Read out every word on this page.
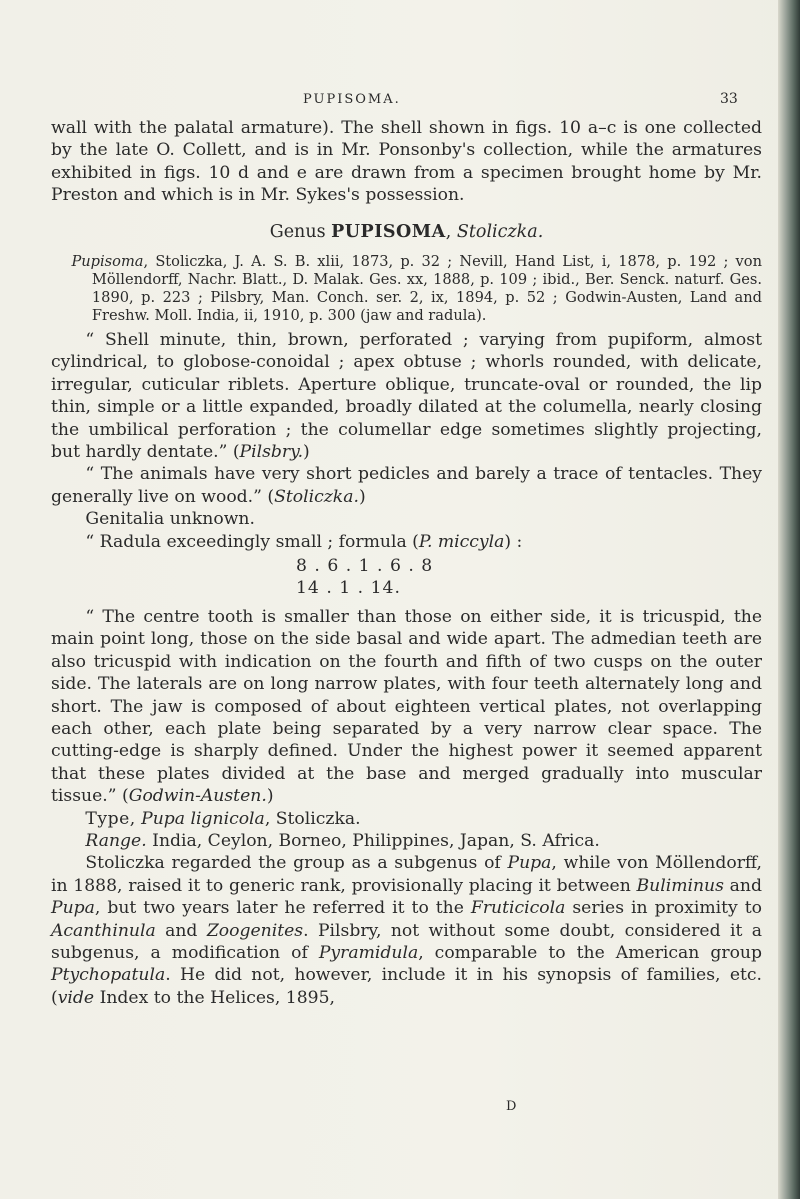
PUPISOMA.	33

wall with the palatal armature). The shell shown in figs. 10 a–c is one collected by the late O. Collett, and is in Mr. Ponsonby's collection, while the armatures exhibited in figs. 10 d and e are drawn from a specimen brought home by Mr. Preston and which is in Mr. Sykes's possession.

Genus PUPISOMA, Stoliczka.

Pupisoma, Stoliczka, J. A. S. B. xlii, 1873, p. 32 ; Nevill, Hand List, i, 1878, p. 192 ; von Möllendorff, Nachr. Blatt., D. Malak. Ges. xx, 1888, p. 109 ; ibid., Ber. Senck. naturf. Ges. 1890, p. 223 ; Pilsbry, Man. Conch. ser. 2, ix, 1894, p. 52 ; Godwin-Austen, Land and Freshw. Moll. India, ii, 1910, p. 300 (jaw and radula).

“ Shell minute, thin, brown, perforated ; varying from pupiform, almost cylindrical, to globose-conoidal ; apex obtuse ; whorls rounded, with delicate, irregular, cuticular riblets. Aperture oblique, truncate-oval or rounded, the lip thin, simple or a little expanded, broadly dilated at the columella, nearly closing the umbilical perforation ; the columellar edge sometimes slightly projecting, but hardly dentate.” (Pilsbry.)

“ The animals have very short pedicles and barely a trace of tentacles. They generally live on wood.” (Stoliczka.)

Genitalia unknown.

“ Radula exceedingly small ; formula (P. miccyla) :

8 . 6 . 1 . 6 . 8
14 . 1 . 14.

“ The centre tooth is smaller than those on either side, it is tricuspid, the main point long, those on the side basal and wide apart. The admedian teeth are also tricuspid with indication on the fourth and fifth of two cusps on the outer side. The laterals are on long narrow plates, with four teeth alternately long and short. The jaw is composed of about eighteen vertical plates, not overlapping each other, each plate being separated by a very narrow clear space. The cutting-edge is sharply defined. Under the highest power it seemed apparent that these plates divided at the base and merged gradually into muscular tissue.” (Godwin-Austen.)

Type, Pupa lignicola, Stoliczka.

Range. India, Ceylon, Borneo, Philippines, Japan, S. Africa.

Stoliczka regarded the group as a subgenus of Pupa, while von Möllendorff, in 1888, raised it to generic rank, provisionally placing it between Buliminus and Pupa, but two years later he referred it to the Fruticicola series in proximity to Acanthinula and Zoogenites. Pilsbry, not without some doubt, considered it a subgenus, a modification of Pyramidula, comparable to the American group Ptychopatula. He did not, however, include it in his synopsis of families, etc. (vide Index to the Helices, 1895,

D
